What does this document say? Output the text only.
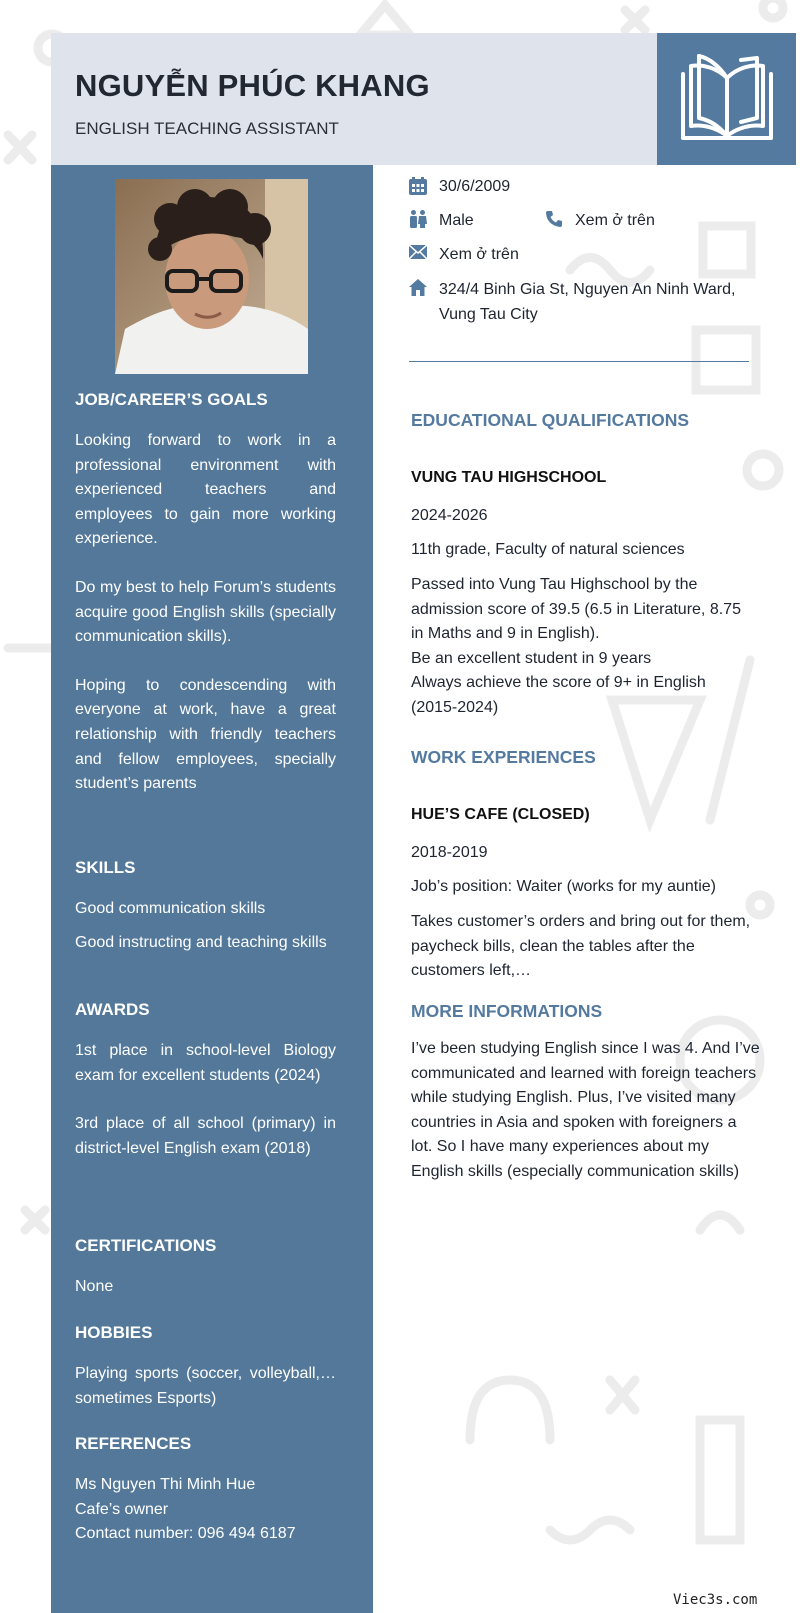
NGUYỄN PHÚC KHANG
ENGLISH TEACHING ASSISTANT
JOB/CAREER’S GOALS

Looking forward to work in a professional environment with experienced teachers and employees to gain more working experience.

Do my best to help Forum’s students acquire good English skills (specially communication skills).

Hoping to condescending with everyone at work, have a great relationship with friendly teachers and fellow employees, specially student’s parents

SKILLS

Good communication skills

Good instructing and teaching skills

AWARDS

1st place in school-level Biology exam for excellent students (2024)

3rd place of all school (primary) in district-level English exam (2018)

CERTIFICATIONS

None

HOBBIES

Playing sports (soccer, volleyball,… sometimes Esports)

REFERENCES

Ms Nguyen Thi Minh Hue

Cafe’s owner

Contact number: 096 494 6187

30/6/2009
Male	Xem ở trên
Xem ở trên
324/4 Binh Gia St, Nguyen An Ninh Ward, Vung Tau City
EDUCATIONAL QUALIFICATIONS
VUNG TAU HIGHSCHOOL
2024-2026
11th grade, Faculty of natural sciences
Passed into Vung Tau Highschool by the admission score of 39.5 (6.5 in Literature, 8.75 in Maths and 9 in English).
Be an excellent student in 9 years
Always achieve the score of 9+ in English (2015-2024)
WORK EXPERIENCES
HUE’S CAFE (CLOSED)
2018-2019
Job’s position: Waiter (works for my auntie)
Takes customer’s orders and bring out for them, paycheck bills, clean the tables after the customers left,…
MORE INFORMATIONS
I’ve been studying English since I was 4. And I’ve communicated and learned with foreign teachers while studying English. Plus, I’ve visited many countries in Asia and spoken with foreigners a lot. So I have many experiences about my English skills (especially communication skills)
Viec3s.com
